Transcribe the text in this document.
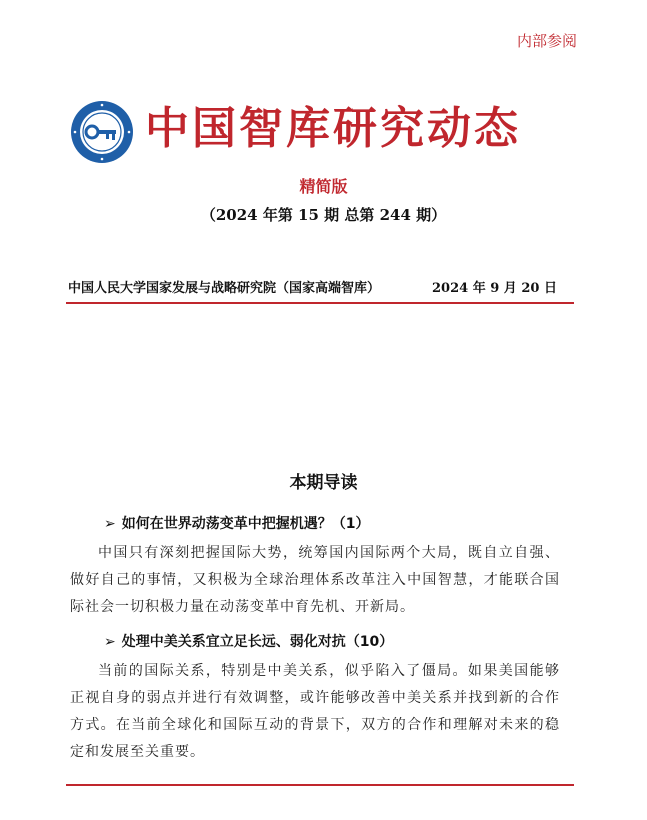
内部参阅
中国智库研究动态
精简版
（2024 年第 15 期 总第 244 期）
中国人民大学国家发展与战略研究院（国家高端智库）	2024 年 9 月 20 日
本期导读
➢ 如何在世界动荡变革中把握机遇？（1）
中国只有深刻把握国际大势，统筹国内国际两个大局，既自立自强、做好自己的事情，又积极为全球治理体系改革注入中国智慧，才能联合国际社会一切积极力量在动荡变革中育先机、开新局。
➢ 处理中美关系宜立足长远、弱化对抗（10）
当前的国际关系，特别是中美关系，似乎陷入了僵局。如果美国能够正视自身的弱点并进行有效调整，或许能够改善中美关系并找到新的合作方式。在当前全球化和国际互动的背景下，双方的合作和理解对未来的稳定和发展至关重要。
